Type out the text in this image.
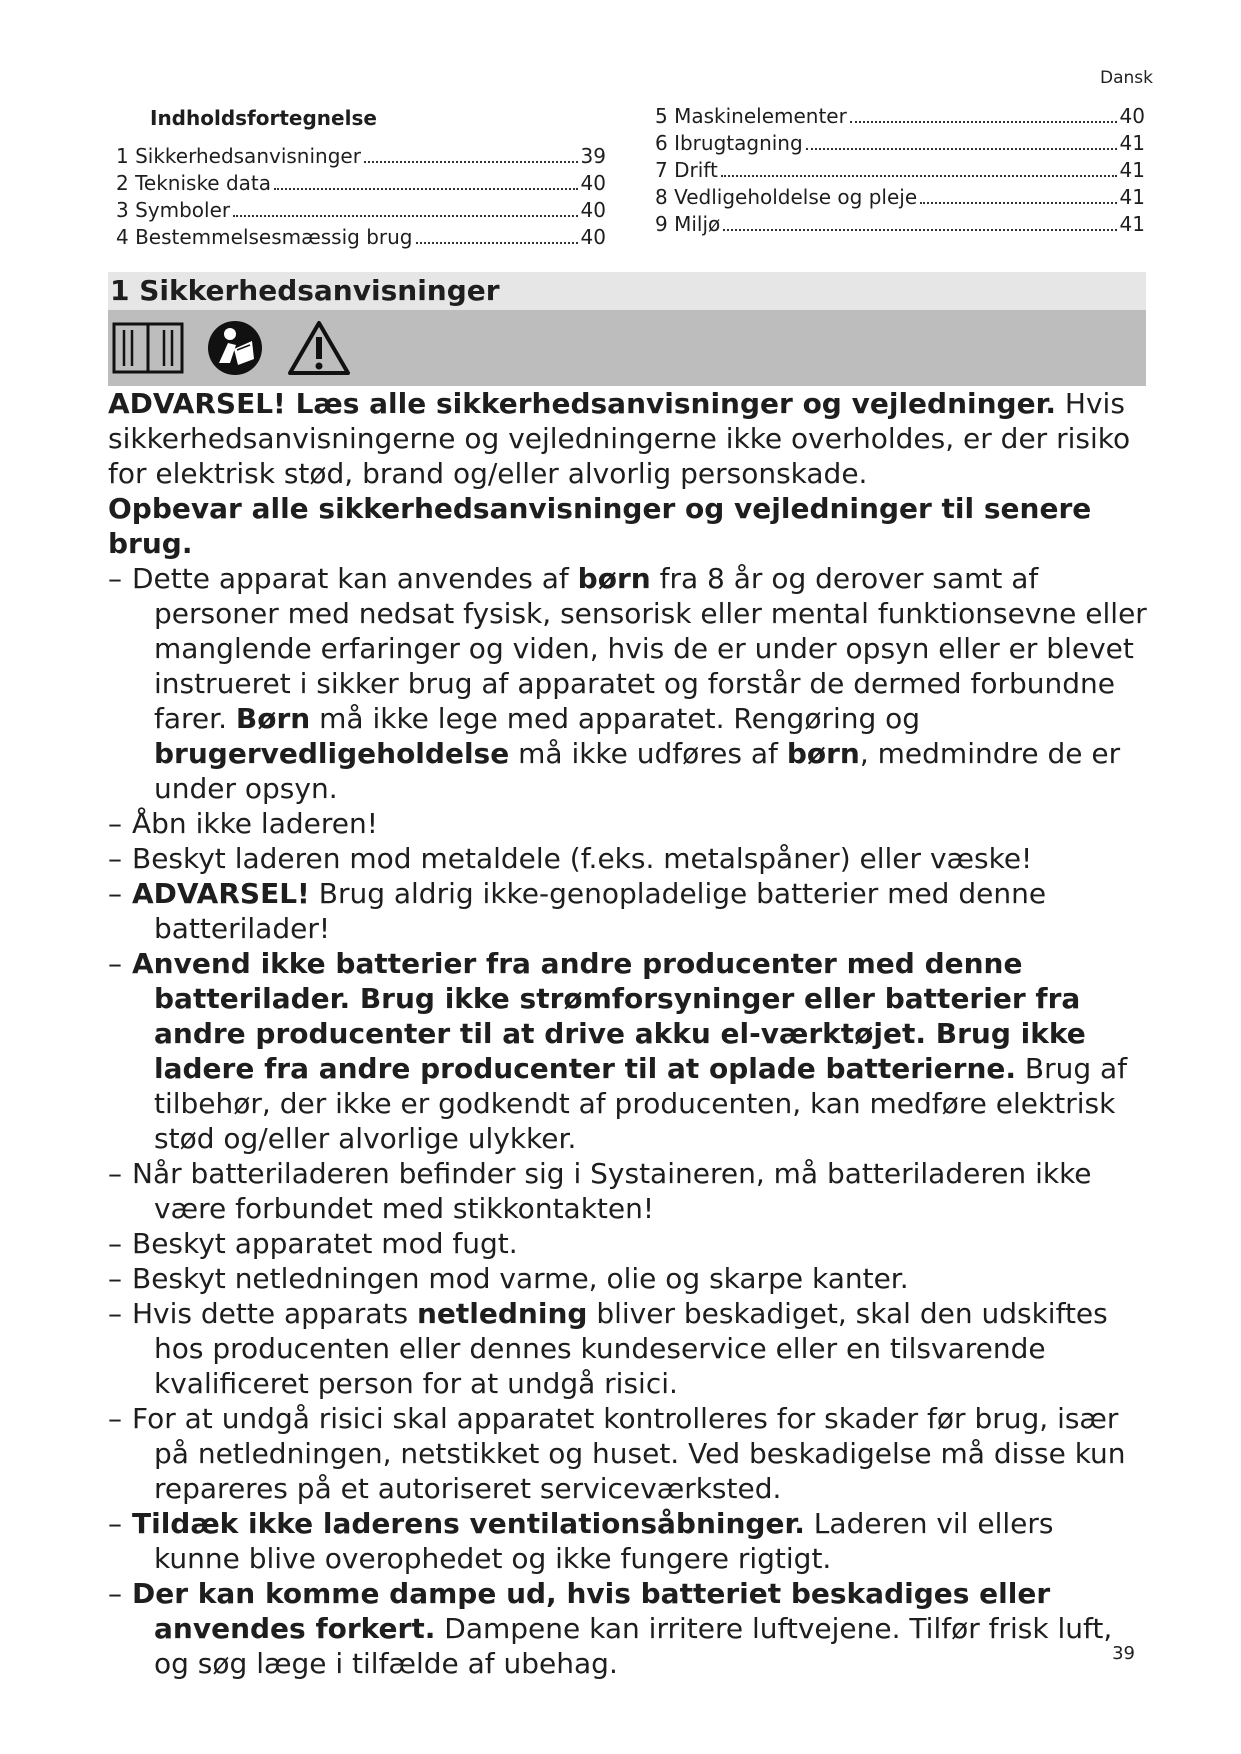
Dansk
Indholdsfortegnelse
1 Sikkerhedsanvisninger	39
2 Tekniske data	40
3 Symboler	40
4 Bestemmelsesmæssig brug	40
5 Maskinelementer	40
6 Ibrugtagning	41
7 Drift	41
8 Vedligeholdelse og pleje	41
9 Miljø	41
1 Sikkerhedsanvisninger

ADVARSEL! Læs alle sikkerhedsanvisninger og vejledninger. Hvis sikkerhedsanvisningerne og vejledningerne ikke overholdes, er der risiko for elektrisk stød, brand og/eller alvorlig personskade.

Opbevar alle sikkerhedsanvisninger og vejledninger til senere brug.

– Dette apparat kan anvendes af børn fra 8 år og derover samt af personer med nedsat fysisk, sensorisk eller mental funktionsevne eller manglende erfaringer og viden, hvis de er under opsyn eller er blevet instrueret i sikker brug af apparatet og forstår de dermed forbundne farer. Børn må ikke lege med apparatet. Rengøring og brugervedligeholdelse må ikke udføres af børn, medmindre de er under opsyn.
– Åbn ikke laderen!
– Beskyt laderen mod metaldele (f.eks. metalspåner) eller væske!
– ADVARSEL! Brug aldrig ikke-genopladelige batterier med denne batterilader!
– Anvend ikke batterier fra andre producenter med denne batterilader. Brug ikke strømforsyninger eller batterier fra andre producenter til at drive akku el-værktøjet. Brug ikke ladere fra andre producenter til at oplade batterierne. Brug af tilbehør, der ikke er godkendt af producenten, kan medføre elektrisk stød og/eller alvorlige ulykker.
– Når batteriladeren befinder sig i Systaineren, må batteriladeren ikke være forbundet med stikkontakten!
– Beskyt apparatet mod fugt.
– Beskyt netledningen mod varme, olie og skarpe kanter.
– Hvis dette apparats netledning bliver beskadiget, skal den udskiftes hos producenten eller dennes kundeservice eller en tilsvarende kvalificeret person for at undgå risici.
– For at undgå risici skal apparatet kontrolleres for skader før brug, især på netledningen, netstikket og huset. Ved beskadigelse må disse kun repareres på et autoriseret serviceværksted.
– Tildæk ikke laderens ventilationsåbninger. Laderen vil ellers kunne blive overophedet og ikke fungere rigtigt.
– Der kan komme dampe ud, hvis batteriet beskadiges eller anvendes forkert. Dampene kan irritere luftvejene. Tilfør frisk luft, og søg læge i tilfælde af ubehag.	39
